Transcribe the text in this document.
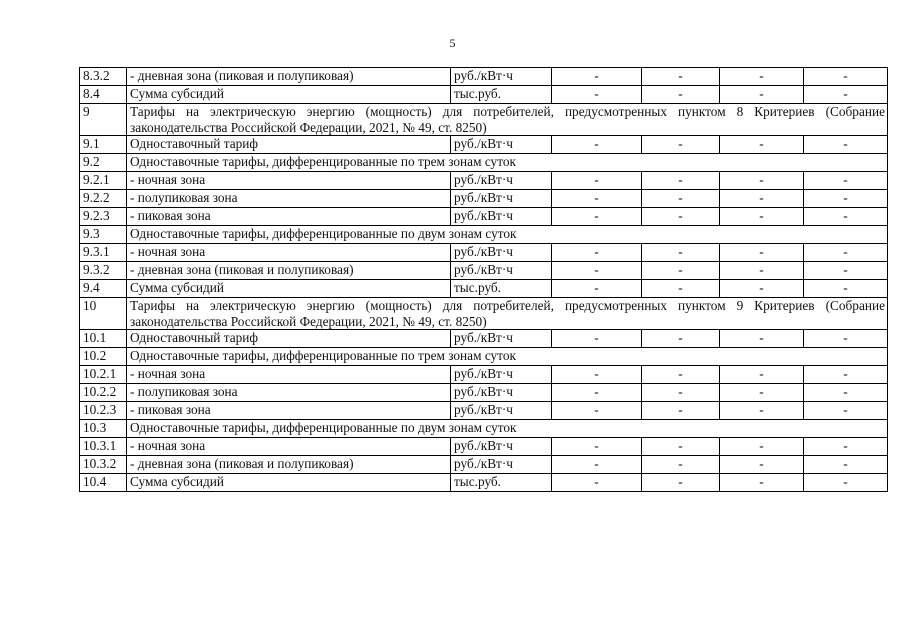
5
8.3.2	- дневная зона (пиковая и полупиковая)	руб./кВт·ч	-	-	-	-
8.4	Сумма субсидий	тыс.руб.	-	-	-	-
9	Тарифы на электрическую энергию (мощность) для потребителей, предусмотренных пунктом 8 Критериев (Собрание законодательства Российской Федерации, 2021, № 49, ст. 8250)					
9.1	Одноставочный тариф	руб./кВт·ч	-	-	-	-
9.2	Одноставочные тарифы, дифференцированные по трем зонам суток					
9.2.1	- ночная зона	руб./кВт·ч	-	-	-	-
9.2.2	- полупиковая зона	руб./кВт·ч	-	-	-	-
9.2.3	- пиковая зона	руб./кВт·ч	-	-	-	-
9.3	Одноставочные тарифы, дифференцированные по двум зонам суток					
9.3.1	- ночная зона	руб./кВт·ч	-	-	-	-
9.3.2	- дневная зона (пиковая и полупиковая)	руб./кВт·ч	-	-	-	-
9.4	Сумма субсидий	тыс.руб.	-	-	-	-
10	Тарифы на электрическую энергию (мощность) для потребителей, предусмотренных пунктом 9 Критериев (Собрание законодательства Российской Федерации, 2021, № 49, ст. 8250)					
10.1	Одноставочный тариф	руб./кВт·ч	-	-	-	-
10.2	Одноставочные тарифы, дифференцированные по трем зонам суток					
10.2.1	- ночная зона	руб./кВт·ч	-	-	-	-
10.2.2	- полупиковая зона	руб./кВт·ч	-	-	-	-
10.2.3	- пиковая зона	руб./кВт·ч	-	-	-	-
10.3	Одноставочные тарифы, дифференцированные по двум зонам суток					
10.3.1	- ночная зона	руб./кВт·ч	-	-	-	-
10.3.2	- дневная зона (пиковая и полупиковая)	руб./кВт·ч	-	-	-	-
10.4	Сумма субсидий	тыс.руб.	-	-	-	-
